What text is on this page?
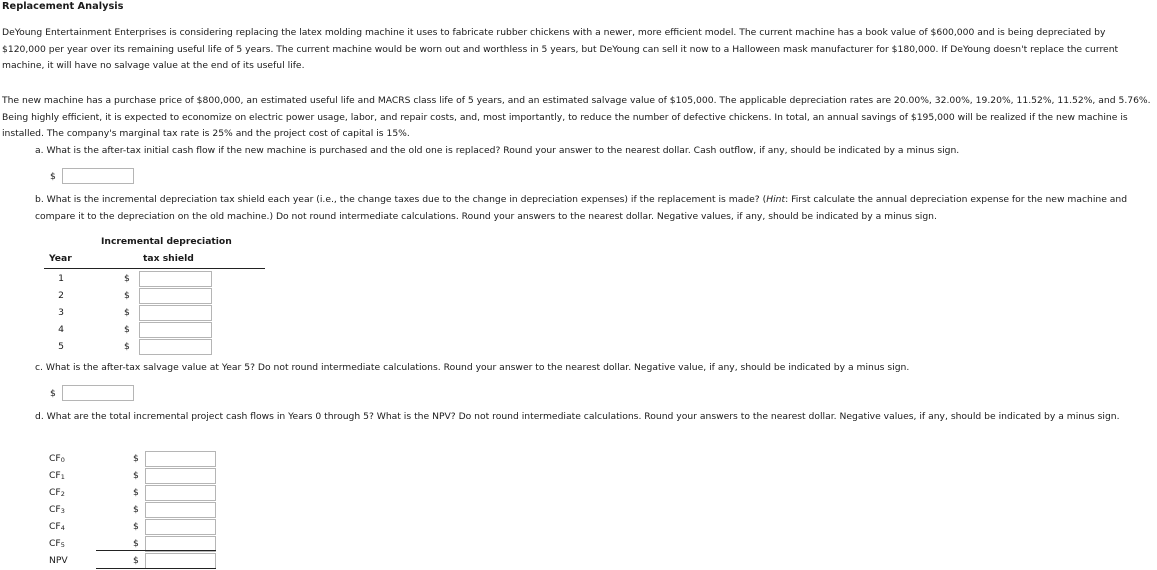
Replacement Analysis
DeYoung Entertainment Enterprises is considering replacing the latex molding machine it uses to fabricate rubber chickens with a newer, more efficient model. The current machine has a book value of $600,000 and is being depreciated by $120,000 per year over its remaining useful life of 5 years. The current machine would be worn out and worthless in 5 years, but DeYoung can sell it now to a Halloween mask manufacturer for $180,000. If DeYoung doesn't replace the current machine, it will have no salvage value at the end of its useful life.
The new machine has a purchase price of $800,000, an estimated useful life and MACRS class life of 5 years, and an estimated salvage value of $105,000. The applicable depreciation rates are 20.00%, 32.00%, 19.20%, 11.52%, 11.52%, and 5.76%. Being highly efficient, it is expected to economize on electric power usage, labor, and repair costs, and, most importantly, to reduce the number of defective chickens. In total, an annual savings of $195,000 will be realized if the new machine is installed. The company's marginal tax rate is 25% and the project cost of capital is 15%.
a. What is the after-tax initial cash flow if the new machine is purchased and the old one is replaced? Round your answer to the nearest dollar. Cash outflow, if any, should be indicated by a minus sign.
$
b. What is the incremental depreciation tax shield each year (i.e., the change taxes due to the change in depreciation expenses) if the replacement is made? (Hint: First calculate the annual depreciation expense for the new machine and compare it to the depreciation on the old machine.) Do not round intermediate calculations. Round your answers to the nearest dollar. Negative values, if any, should be indicated by a minus sign.
Incremental depreciation
tax shield
Year
1	$
2	$
3	$
4	$
5	$
c. What is the after-tax salvage value at Year 5? Do not round intermediate calculations. Round your answer to the nearest dollar. Negative value, if any, should be indicated by a minus sign.
$
d. What are the total incremental project cash flows in Years 0 through 5? What is the NPV? Do not round intermediate calculations. Round your answers to the nearest dollar. Negative values, if any, should be indicated by a minus sign.
$CF_0$	$
$CF_1$	$
$CF_2$	$
$CF_3$	$
$CF_4$	$
$CF_5$	$
NPV	$
